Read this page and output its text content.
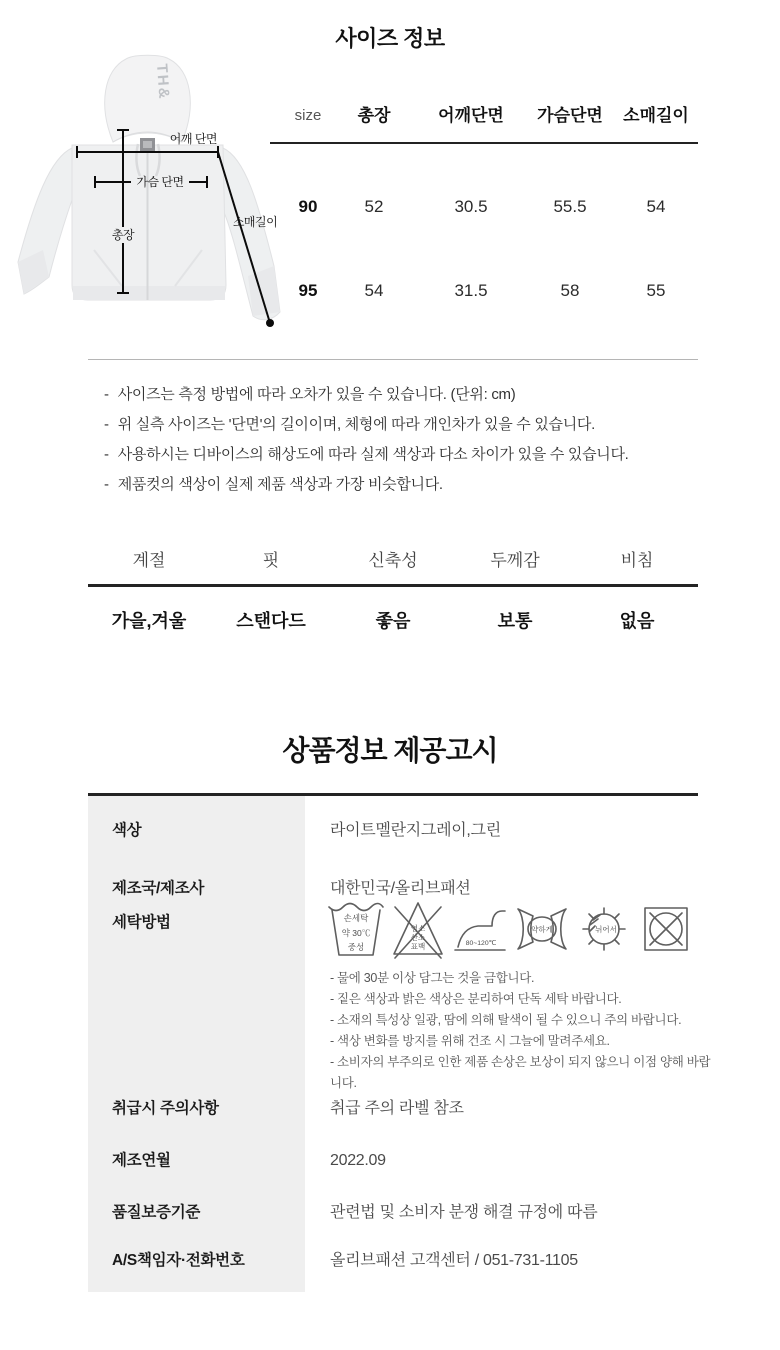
사이즈 정보
TH&
어깨 단면
가슴 단면
총장
소매길이
size	총장	어깨단면	가슴단면	소매길이
90	52	30.5	55.5	54
95	54	31.5	58	55
- 사이즈는 측정 방법에 따라 오차가 있을 수 있습니다. (단위: cm)
- 위 실측 사이즈는 '단면'의 길이이며, 체형에 따라 개인차가 있을 수 있습니다.
- 사용하시는 디바이스의 해상도에 따라 실제 색상과 다소 차이가 있을 수 있습니다.
- 제품컷의 색상이 실제 제품 색상과 가장 비슷합니다.
계절	핏	신축성	두께감	비침
가을,겨울	스탠다드	좋음	보통	없음
상품정보 제공고시
색상	라이트멜란지그레이,그린
제조국/제조사	대한민국/올리브패션
세탁방법	손세탁
약 30℃
중성
염소
산소
표백	80~120℃
약하게	뉘어서
- 물에 30분 이상 담그는 것을 금합니다.
- 짙은 색상과 밝은 색상은 분리하여 단독 세탁 바랍니다.
- 소재의 특성상 일광, 땀에 의해 탈색이 될 수 있으니 주의 바랍니다.
- 색상 변화를 방지를 위해 건조 시 그늘에 말려주세요.
- 소비자의 부주의로 인한 제품 손상은 보상이 되지 않으니 이점 양해 바랍니다.
취급시 주의사항	취급 주의 라벨 참조
제조연월	2022.09
품질보증기준	관련법 및 소비자 분쟁 해결 규정에 따름
A/S책임자·전화번호	올리브패션 고객센터 / 051-731-1105
